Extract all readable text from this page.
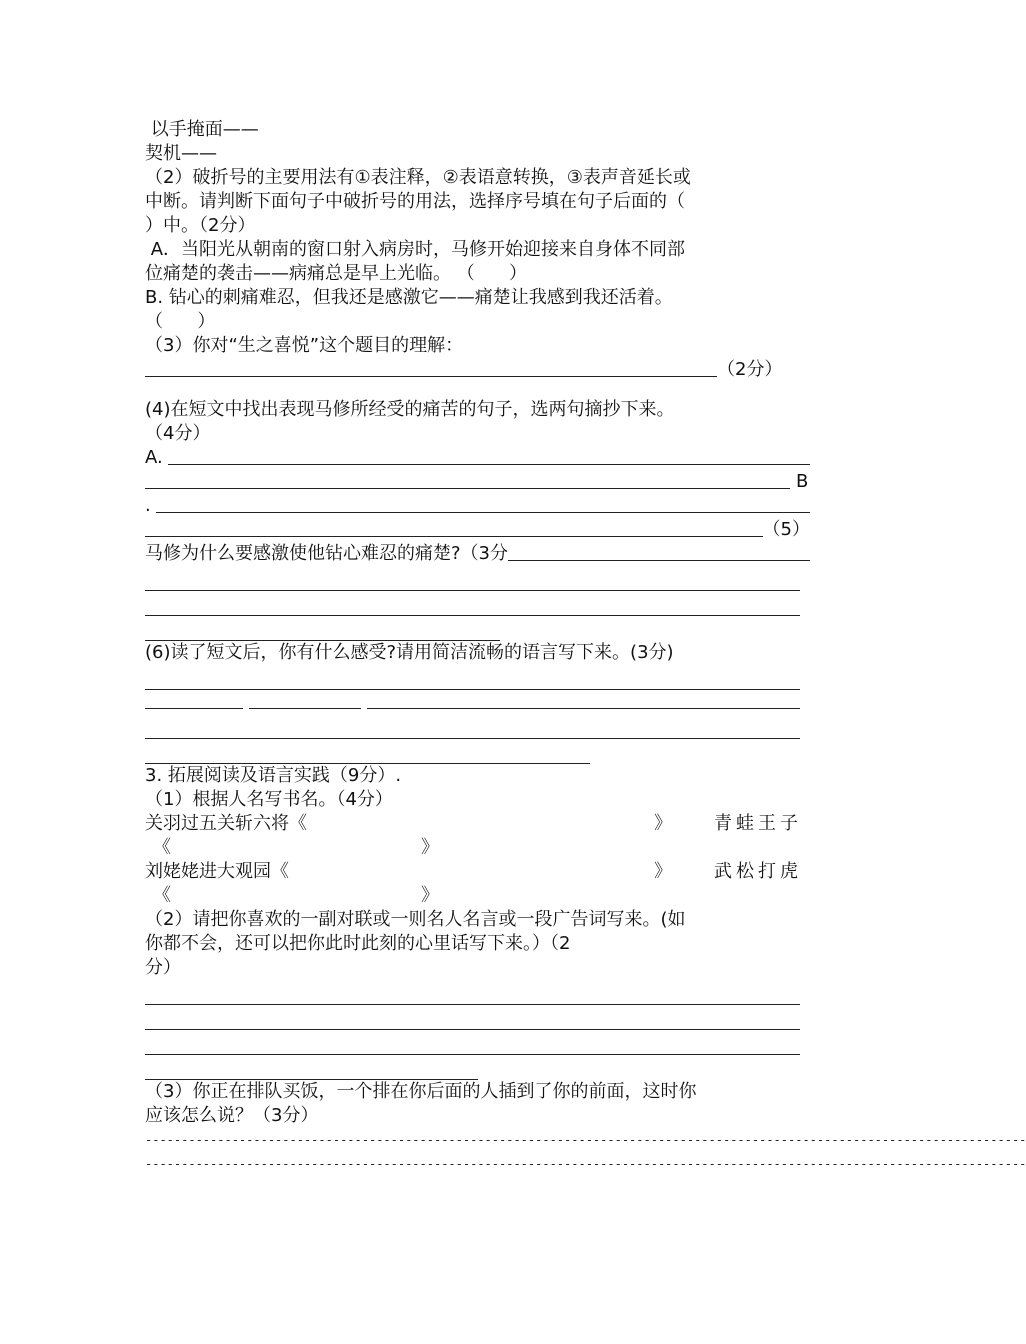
以手掩面——
契机——
（2）破折号的主要用法有①表注释，②表语意转换，③表声音延长或
中断。请判断下面句子中破折号的用法，选择序号填在句子后面的（
）中。（2分）
A．当阳光从朝南的窗口射入病房时，马修开始迎接来自身体不同部
位痛楚的袭击——病痛总是早上光临。 （      ）
B. 钻心的刺痛难忍，但我还是感激它——痛楚让我感到我还活着。
（      ）
（3）你对“生之喜悦”这个题目的理解：
（2分）
(4)在短文中找出表现马修所经受的痛苦的句子，选两句摘抄下来。
（4分）
A.
B
.
（5）
马修为什么要感激使他钻心难忍的痛楚?（3分
(6)读了短文后，你有什么感受?请用简洁流畅的语言写下来。(3分)
3. 拓展阅读及语言实践（9分）.
（1）根据人名写书名。（4分）
关羽过五关斩六将《	》 青蛙王子
《	》
刘姥姥进大观园《	》 武松打虎
《	》
（2）请把你喜欢的一副对联或一则名人名言或一段广告词写来。(如
你都不会，还可以把你此时此刻的心里话写下来。）（2
分）
（3）你正在排队买饭，一个排在你后面的人插到了你的前面，这时你
应该怎么说？（3分）
--------------------------------------------------------------------------------------------------------------------------
--------------------------------------------------------------------------------------------------------------------------
